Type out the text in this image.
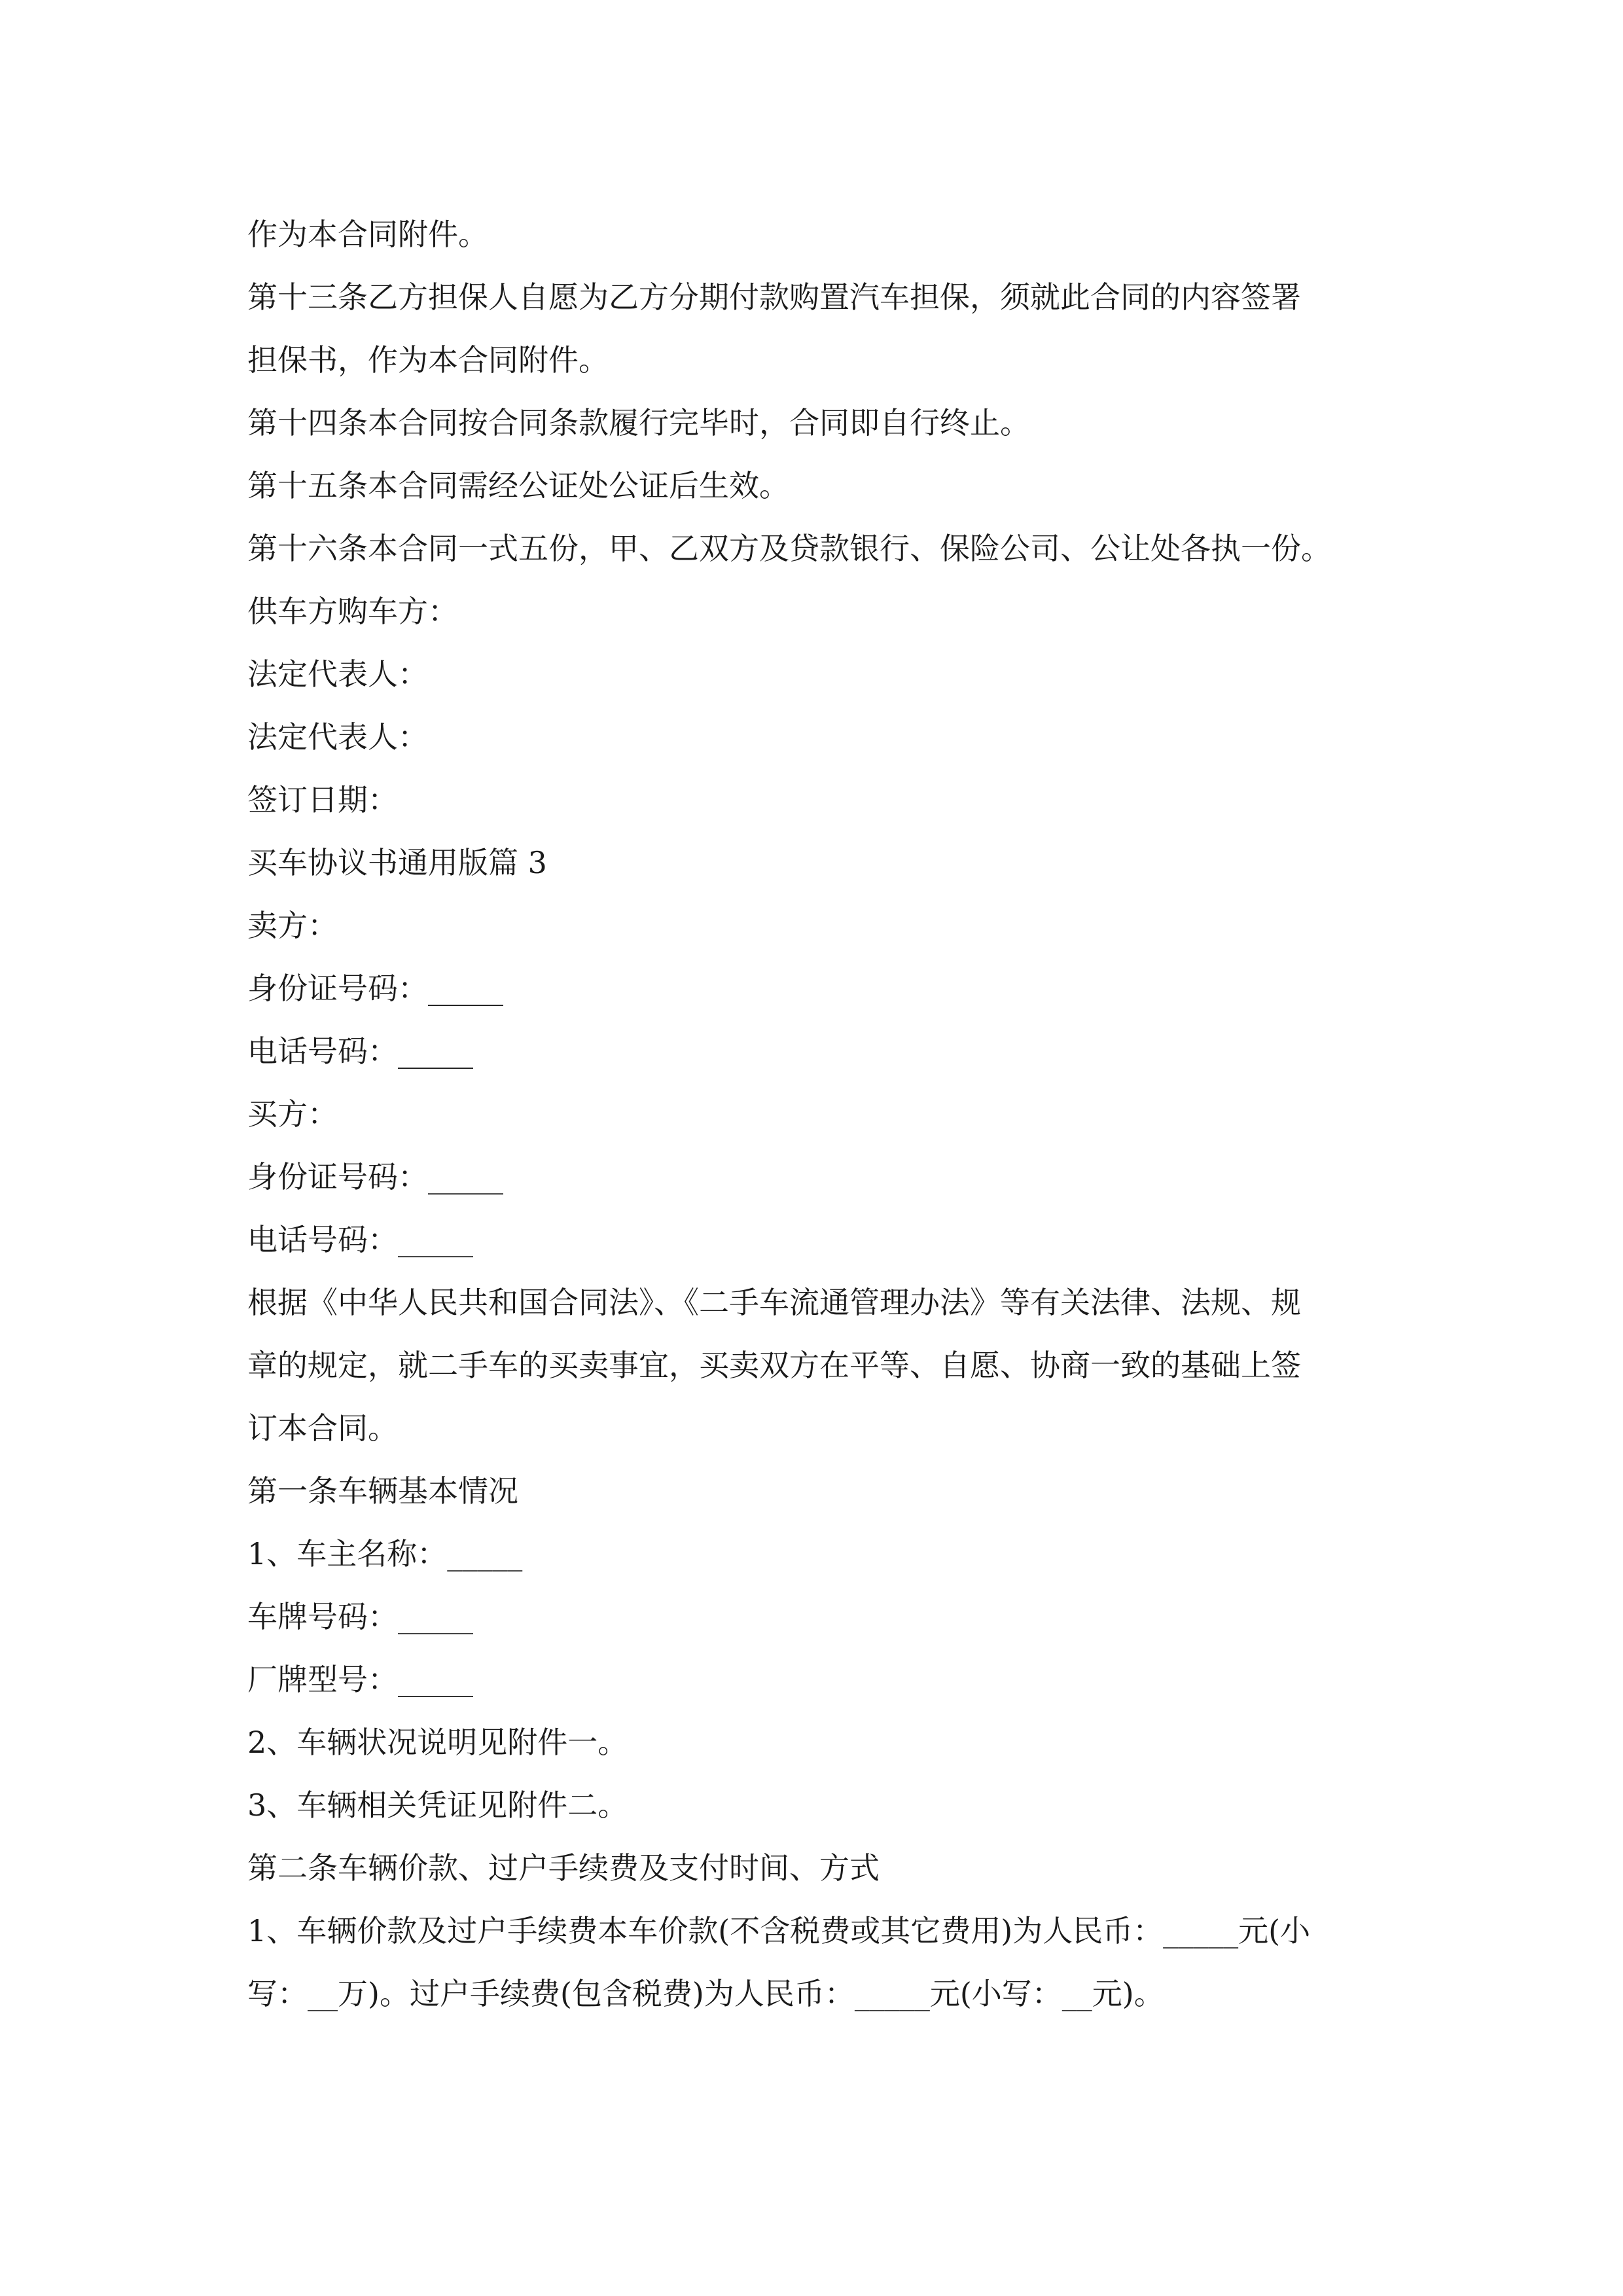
作为本合同附件。
第十三条乙方担保人自愿为乙方分期付款购置汽车担保，须就此合同的内容签署
担保书，作为本合同附件。
第十四条本合同按合同条款履行完毕时，合同即自行终止。
第十五条本合同需经公证处公证后生效。
第十六条本合同一式五份，甲、乙双方及贷款银行、保险公司、公让处各执一份。
供车方购车方：
法定代表人：
法定代表人：
签订日期：
买车协议书通用版篇 3
卖方：
身份证号码：_____
电话号码：_____
买方：
身份证号码：_____
电话号码：_____
根据《中华人民共和国合同法》、《二手车流通管理办法》等有关法律、法规、规
章的规定，就二手车的买卖事宜，买卖双方在平等、自愿、协商一致的基础上签
订本合同。
第一条车辆基本情况
1、车主名称：_____
车牌号码：_____
厂牌型号：_____
2、车辆状况说明见附件一。
3、车辆相关凭证见附件二。
第二条车辆价款、过户手续费及支付时间、方式
1、车辆价款及过户手续费本车价款(不含税费或其它费用)为人民币：_____元(小
写：__万)。过户手续费(包含税费)为人民币：_____元(小写：__元)。
